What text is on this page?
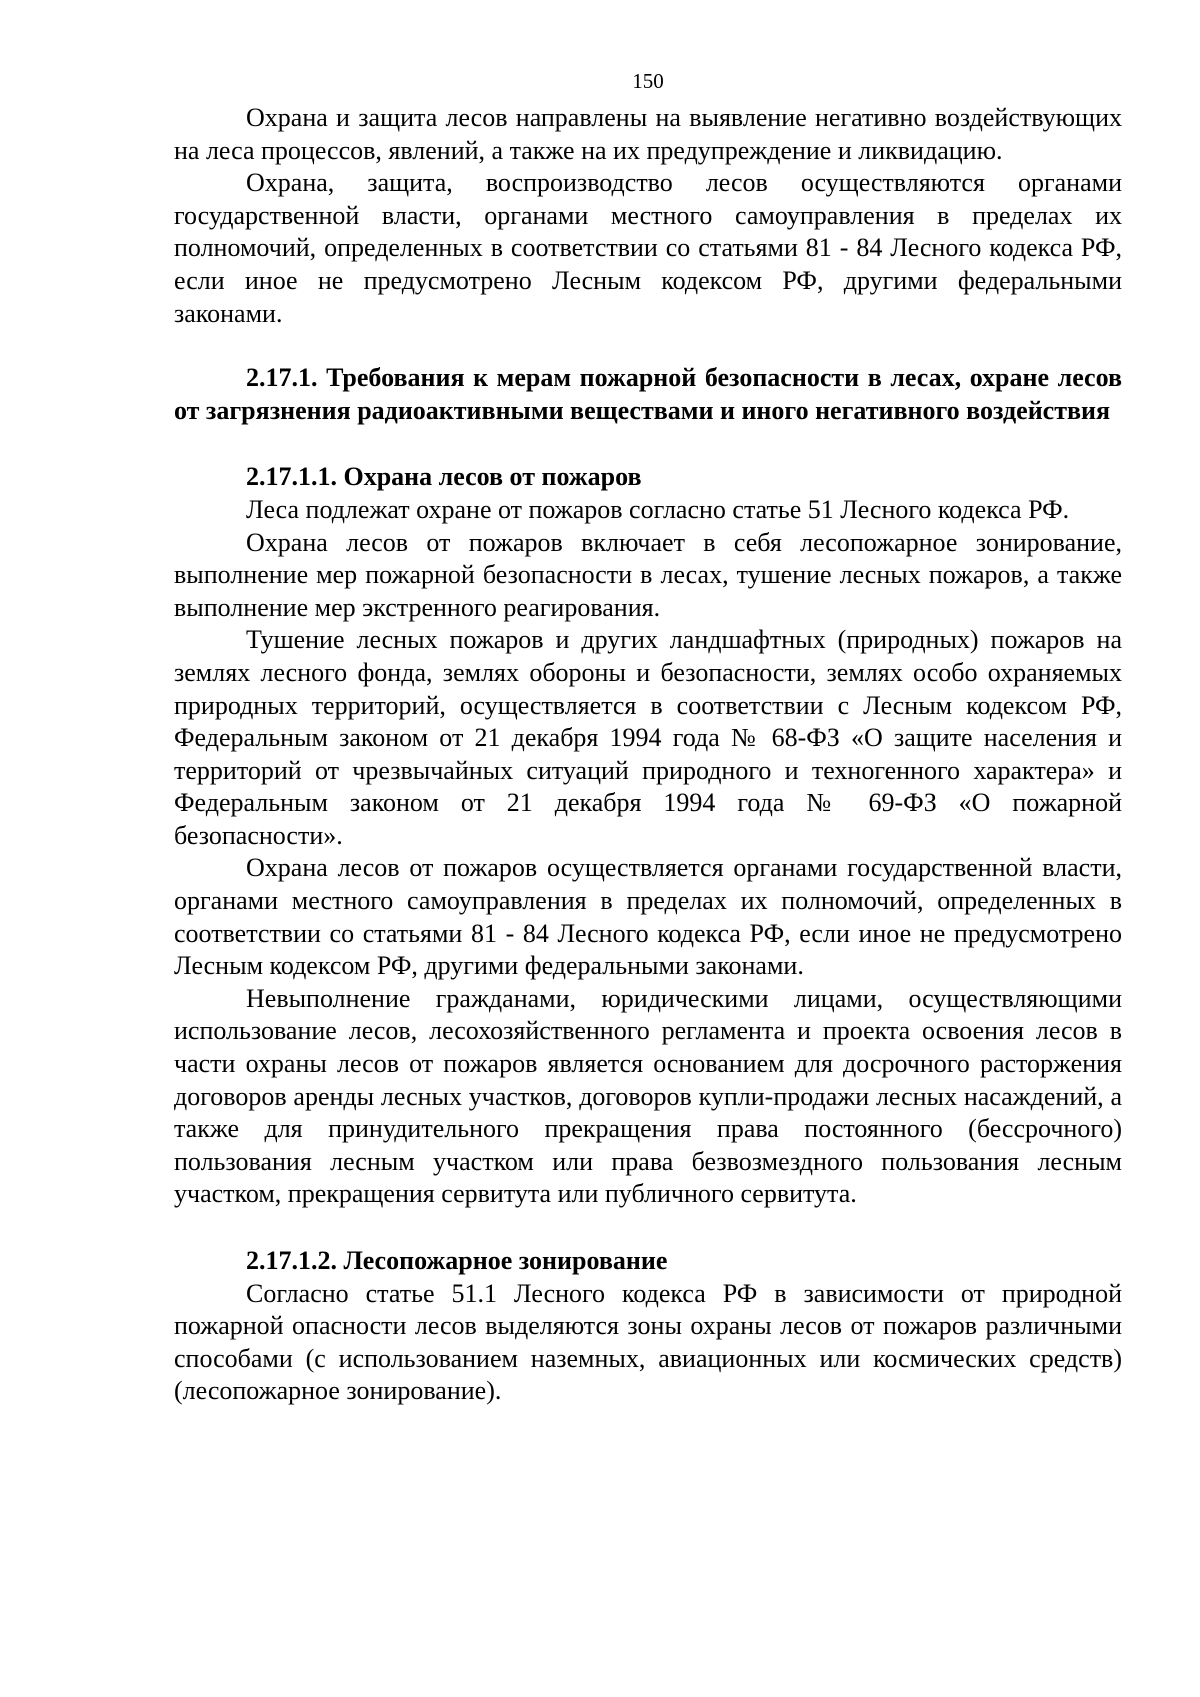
150

Охрана и защита лесов направлены на выявление негативно воздействующих на леса процессов, явлений, а также на их предупреждение и ликвидацию.

Охрана, защита, воспроизводство лесов осуществляются органами государственной власти, органами местного самоуправления в пределах их полномочий, определенных в соответствии со статьями 81 - 84 Лесного кодекса РФ, если иное не предусмотрено Лесным кодексом РФ, другими федеральными законами.

2.17.1. Требования к мерам пожарной безопасности в лесах, охране лесов от загрязнения радиоактивными веществами и иного негативного воздействия

2.17.1.1. Охрана лесов от пожаров

Леса подлежат охране от пожаров согласно статье 51 Лесного кодекса РФ.

Охрана лесов от пожаров включает в себя лесопожарное зонирование, выполнение мер пожарной безопасности в лесах, тушение лесных пожаров, а также выполнение мер экстренного реагирования.

Тушение лесных пожаров и других ландшафтных (природных) пожаров на землях лесного фонда, землях обороны и безопасности, землях особо охраняемых природных территорий, осуществляется в соответствии с Лесным кодексом РФ, Федеральным законом от 21 декабря 1994 года № 68-ФЗ «О защите населения и территорий от чрезвычайных ситуаций природного и техногенного характера» и Федеральным законом от 21 декабря 1994 года № 69-ФЗ «О пожарной безопасности».

Охрана лесов от пожаров осуществляется органами государственной власти, органами местного самоуправления в пределах их полномочий, определенных в соответствии со статьями 81 - 84 Лесного кодекса РФ, если иное не предусмотрено Лесным кодексом РФ, другими федеральными законами.

Невыполнение гражданами, юридическими лицами, осуществляющими использование лесов, лесохозяйственного регламента и проекта освоения лесов в части охраны лесов от пожаров является основанием для досрочного расторжения договоров аренды лесных участков, договоров купли-продажи лесных насаждений, а также для принудительного прекращения права постоянного (бессрочного) пользования лесным участком или права безвозмездного пользования лесным участком, прекращения сервитута или публичного сервитута.

2.17.1.2. Лесопожарное зонирование

Согласно статье 51.1 Лесного кодекса РФ в зависимости от природной пожарной опасности лесов выделяются зоны охраны лесов от пожаров различными способами (с использованием наземных, авиационных или космических средств) (лесопожарное зонирование).
